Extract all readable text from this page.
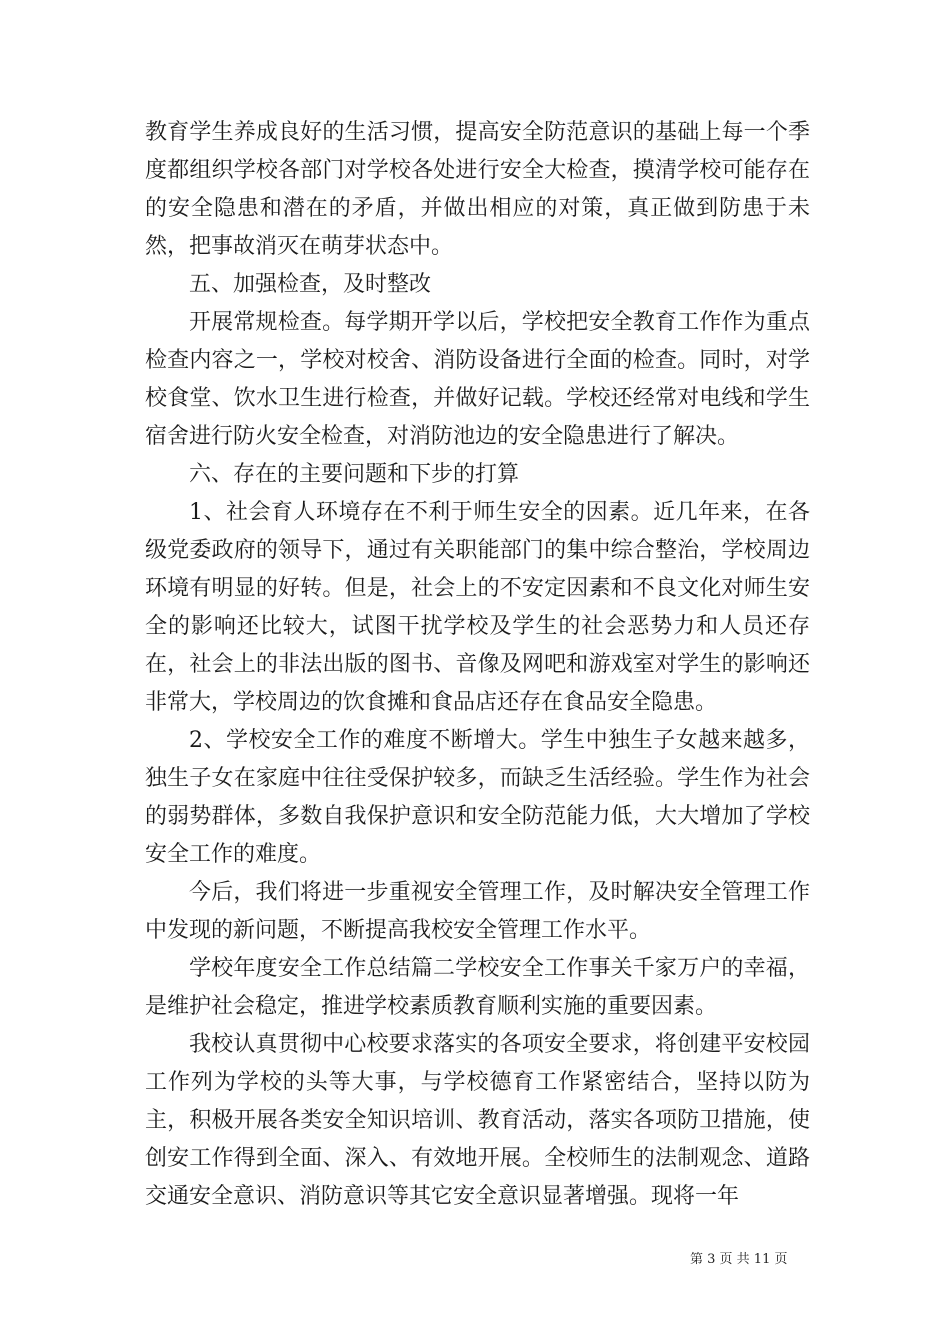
教育学生养成良好的生活习惯，提高安全防范意识的基础上每一个季度都组织学校各部门对学校各处进行安全大检查，摸清学校可能存在的安全隐患和潜在的矛盾，并做出相应的对策，真正做到防患于未然，把事故消灭在萌芽状态中。

五、加强检查，及时整改

开展常规检查。每学期开学以后，学校把安全教育工作作为重点检查内容之一，学校对校舍、消防设备进行全面的检查。同时，对学校食堂、饮水卫生进行检查，并做好记载。学校还经常对电线和学生宿舍进行防火安全检查，对消防池边的安全隐患进行了解决。

六、存在的主要问题和下步的打算

1、社会育人环境存在不利于师生安全的因素。近几年来，在各级党委政府的领导下，通过有关职能部门的集中综合整治，学校周边环境有明显的好转。但是，社会上的不安定因素和不良文化对师生安全的影响还比较大，试图干扰学校及学生的社会恶势力和人员还存在，社会上的非法出版的图书、音像及网吧和游戏室对学生的影响还非常大，学校周边的饮食摊和食品店还存在食品安全隐患。

2、学校安全工作的难度不断增大。学生中独生子女越来越多，独生子女在家庭中往往受保护较多，而缺乏生活经验。学生作为社会的弱势群体，多数自我保护意识和安全防范能力低，大大增加了学校安全工作的难度。

今后，我们将进一步重视安全管理工作，及时解决安全管理工作中发现的新问题，不断提高我校安全管理工作水平。

学校年度安全工作总结篇二学校安全工作事关千家万户的幸福，是维护社会稳定，推进学校素质教育顺利实施的重要因素。

我校认真贯彻中心校要求落实的各项安全要求，将创建平安校园工作列为学校的头等大事，与学校德育工作紧密结合，坚持以防为主，积极开展各类安全知识培训、教育活动，落实各项防卫措施，使创安工作得到全面、深入、有效地开展。全校师生的法制观念、道路交通安全意识、消防意识等其它安全意识显著增强。现将一年

第 3 页 共 11 页
